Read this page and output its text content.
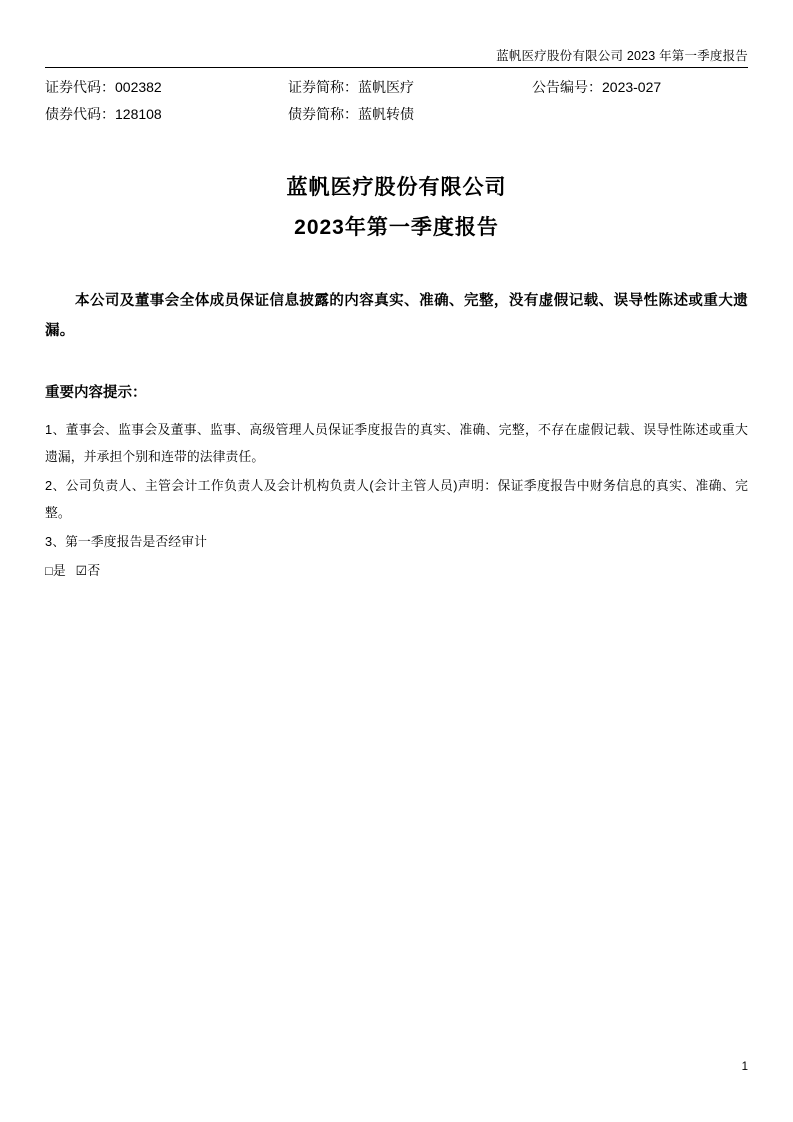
蓝帆医疗股份有限公司 2023 年第一季度报告
证券代码：002382	证券简称：蓝帆医疗	公告编号：2023-027
债券代码：128108	债券简称：蓝帆转债
蓝帆医疗股份有限公司
2023年第一季度报告
本公司及董事会全体成员保证信息披露的内容真实、准确、完整，没有虚假记载、误导性陈述或重大遗漏。
重要内容提示：

1、董事会、监事会及董事、监事、高级管理人员保证季度报告的真实、准确、完整，不存在虚假记载、误导性陈述或重大遗漏，并承担个别和连带的法律责任。

2、公司负责人、主管会计工作负责人及会计机构负责人(会计主管人员)声明：保证季度报告中财务信息的真实、准确、完整。

3、第一季度报告是否经审计

□是 ☑否
1
